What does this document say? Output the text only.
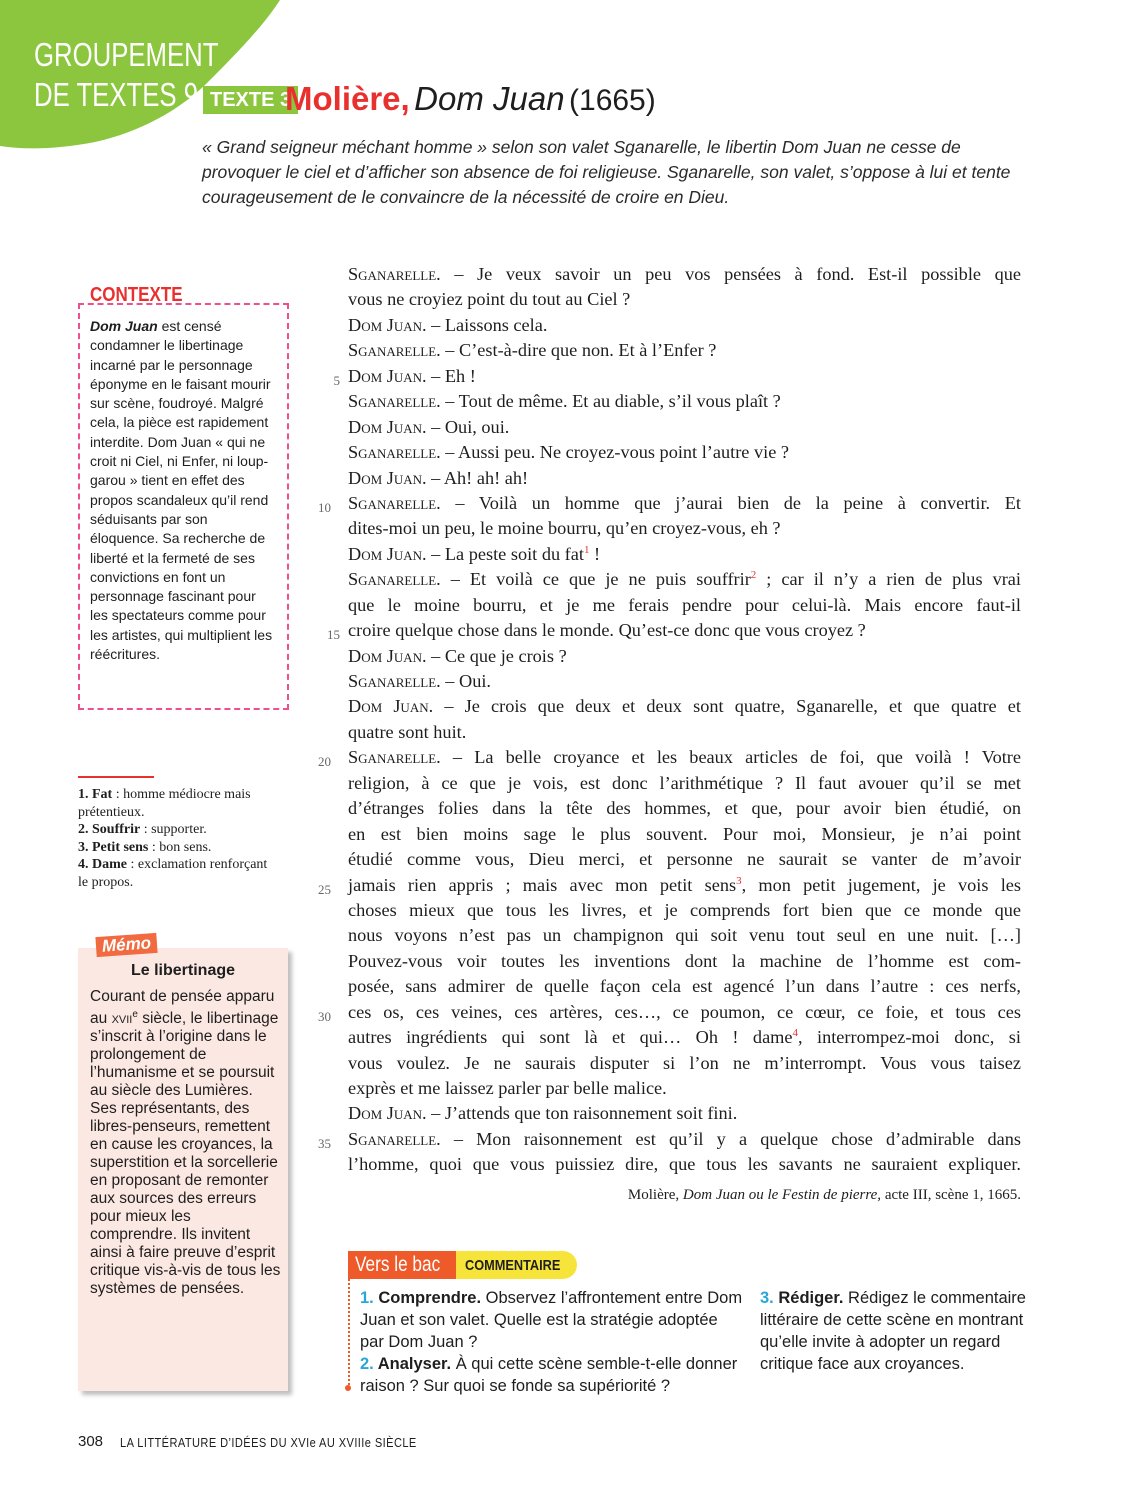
GROUPEMENT
DE TEXTES 9 TEXTE 3
Molière, Dom Juan (1665)

« Grand seigneur méchant homme » selon son valet Sganarelle, le libertin Dom Juan ne cesse de provoquer le ciel et d’afficher son absence de foi religieuse. Sganarelle, son valet, s’oppose à lui et tente courageusement de le convaincre de la nécessité de croire en Dieu.

CONTEXTE
Dom Juan est censé condamner le libertinage incarné par le personnage éponyme en le faisant mourir sur scène, foudroyé. Malgré cela, la pièce est rapidement interdite. Dom Juan « qui ne croit ni Ciel, ni Enfer, ni loup-garou » tient en effet des propos scandaleux qu’il rend séduisants par son éloquence. Sa recherche de liberté et la fermeté de ses convictions en font un personnage fascinant pour les spectateurs comme pour les artistes, qui multiplient les réécritures.
1. Fat : homme médiocre mais prétentieux.
2. Souffrir : supporter.
3. Petit sens : bon sens.
4. Dame : exclamation renforçant le propos.
Mémo
Le libertinage
Courant de pensée apparu au xvii$^e$ siècle, le libertinage s’inscrit à l’origine dans le prolongement de l’humanisme et se poursuit au siècle des Lumières. Ses représentants, des libres-penseurs, remettent en cause les croyances, la superstition et la sorcellerie en proposant de remonter aux sources des erreurs pour mieux les comprendre. Ils invitent ainsi à faire preuve d’esprit critique vis-à-vis de tous les systèmes de pensées.
Sganarelle. – Je veux savoir un peu vos pensées à fond. Est-il possible que
vous ne croyiez point du tout au Ciel ?
Dom Juan. – Laissons cela.
Sganarelle. – C’est-à-dire que non. Et à l’Enfer ?
5 Dom Juan. – Eh !
Sganarelle. – Tout de même. Et au diable, s’il vous plaît ?
Dom Juan. – Oui, oui.
Sganarelle. – Aussi peu. Ne croyez-vous point l’autre vie ?
Dom Juan. – Ah! ah! ah!
10 Sganarelle. – Voilà un homme que j’aurai bien de la peine à convertir. Et
dites-moi un peu, le moine bourru, qu’en croyez-vous, eh ?
Dom Juan. – La peste soit du fat$^1$ !
Sganarelle. – Et voilà ce que je ne puis souffrir$^2$ ; car il n’y a rien de plus vrai
que le moine bourru, et je me ferais pendre pour celui-là. Mais encore faut-il
15 croire quelque chose dans le monde. Qu’est-ce donc que vous croyez ?
Dom Juan. – Ce que je crois ?
Sganarelle. – Oui.
Dom Juan. – Je crois que deux et deux sont quatre, Sganarelle, et que quatre et
quatre sont huit.
20 Sganarelle. – La belle croyance et les beaux articles de foi, que voilà ! Votre
religion, à ce que je vois, est donc l’arithmétique ? Il faut avouer qu’il se met
d’étranges folies dans la tête des hommes, et que, pour avoir bien étudié, on
en est bien moins sage le plus souvent. Pour moi, Monsieur, je n’ai point
étudié comme vous, Dieu merci, et personne ne saurait se vanter de m’avoir
25 jamais rien appris ; mais avec mon petit sens$^3$, mon petit jugement, je vois les
choses mieux que tous les livres, et je comprends fort bien que ce monde que
nous voyons n’est pas un champignon qui soit venu tout seul en une nuit. […]
Pouvez-vous voir toutes les inventions dont la machine de l’homme est com-
posée, sans admirer de quelle façon cela est agencé l’un dans l’autre : ces nerfs,
30 ces os, ces veines, ces artères, ces…, ce poumon, ce cœur, ce foie, et tous ces
autres ingrédients qui sont là et qui… Oh ! dame$^4$, interrompez-moi donc, si
vous voulez. Je ne saurais disputer si l’on ne m’interrompt. Vous vous taisez
exprès et me laissez parler par belle malice.
Dom Juan. – J’attends que ton raisonnement soit fini.
35 Sganarelle. – Mon raisonnement est qu’il y a quelque chose d’admirable dans
l’homme, quoi que vous puissiez dire, que tous les savants ne sauraient expliquer.
Molière, Dom Juan ou le Festin de pierre, acte III, scène 1, 1665.
Vers le bac	COMMENTAIRE

1. Comprendre. Observez l’affrontement entre Dom Juan et son valet. Quelle est la stratégie adoptée par Dom Juan ?

2. Analyser. À qui cette scène semble-t-elle donner raison ? Sur quoi se fonde sa supériorité ?

3. Rédiger. Rédigez le commentaire littéraire de cette scène en montrant qu’elle invite à adopter un regard critique face aux croyances.

308 LA LITTÉRATURE D’IDÉES DU XVIe AU XVIIIe SIÈCLE
